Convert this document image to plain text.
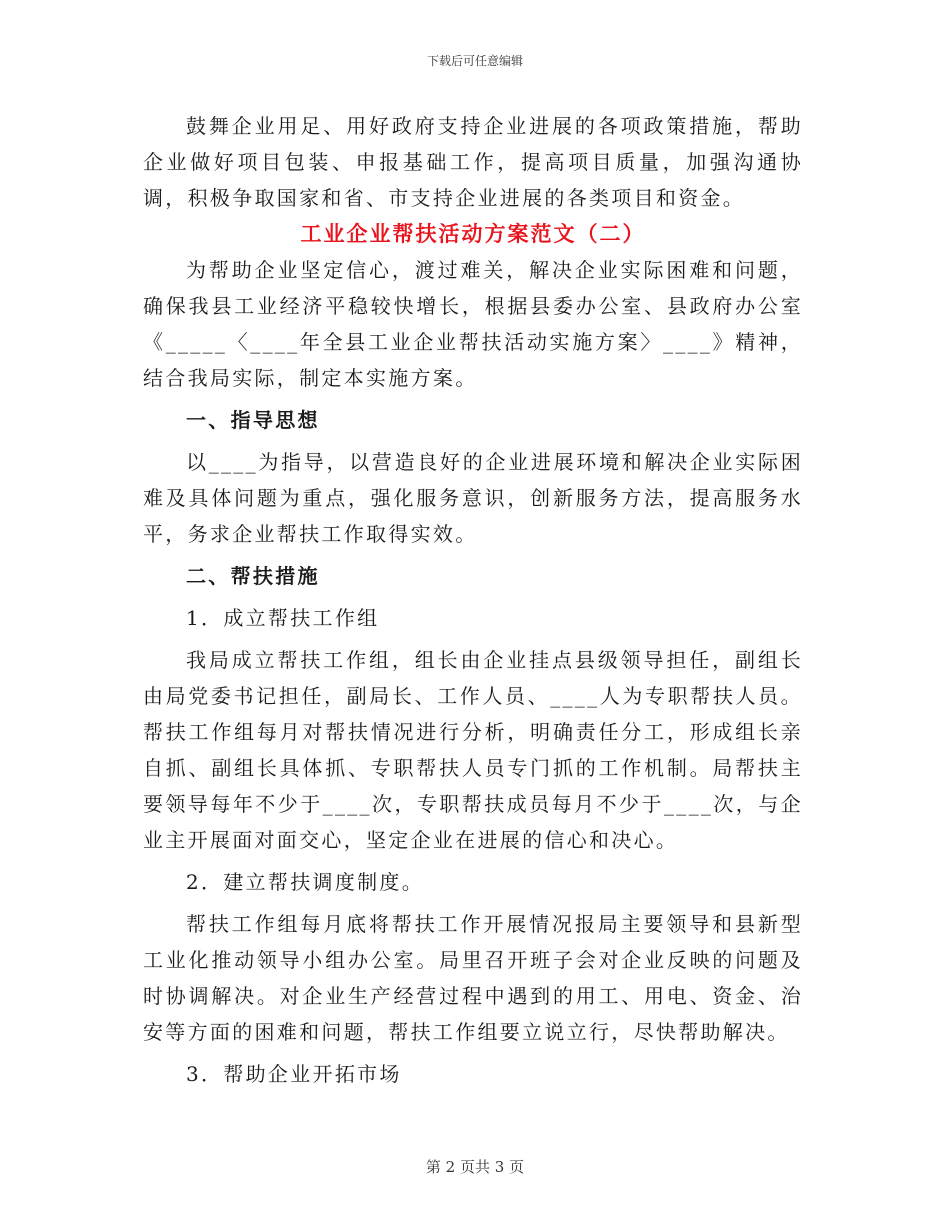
下载后可任意编辑

鼓舞企业用足、用好政府支持企业进展的各项政策措施，帮助企业做好项目包装、申报基础工作，提高项目质量，加强沟通协调，积极争取国家和省、市支持企业进展的各类项目和资金。

工业企业帮扶活动方案范文（二）

为帮助企业坚定信心，渡过难关，解决企业实际困难和问题，确保我县工业经济平稳较快增长，根据县委办公室、县政府办公室《_____〈____年全县工业企业帮扶活动实施方案〉____》精神，结合我局实际，制定本实施方案。

一、指导思想

以____为指导，以营造良好的企业进展环境和解决企业实际困难及具体问题为重点，强化服务意识，创新服务方法，提高服务水平，务求企业帮扶工作取得实效。

二、帮扶措施

1．成立帮扶工作组

我局成立帮扶工作组，组长由企业挂点县级领导担任，副组长由局党委书记担任，副局长、工作人员、____人为专职帮扶人员。帮扶工作组每月对帮扶情况进行分析，明确责任分工，形成组长亲自抓、副组长具体抓、专职帮扶人员专门抓的工作机制。局帮扶主要领导每年不少于____次，专职帮扶成员每月不少于____次，与企业主开展面对面交心，坚定企业在进展的信心和决心。

2．建立帮扶调度制度。

帮扶工作组每月底将帮扶工作开展情况报局主要领导和县新型工业化推动领导小组办公室。局里召开班子会对企业反映的问题及时协调解决。对企业生产经营过程中遇到的用工、用电、资金、治安等方面的困难和问题，帮扶工作组要立说立行，尽快帮助解决。

3．帮助企业开拓市场

第 2 页共 3 页
